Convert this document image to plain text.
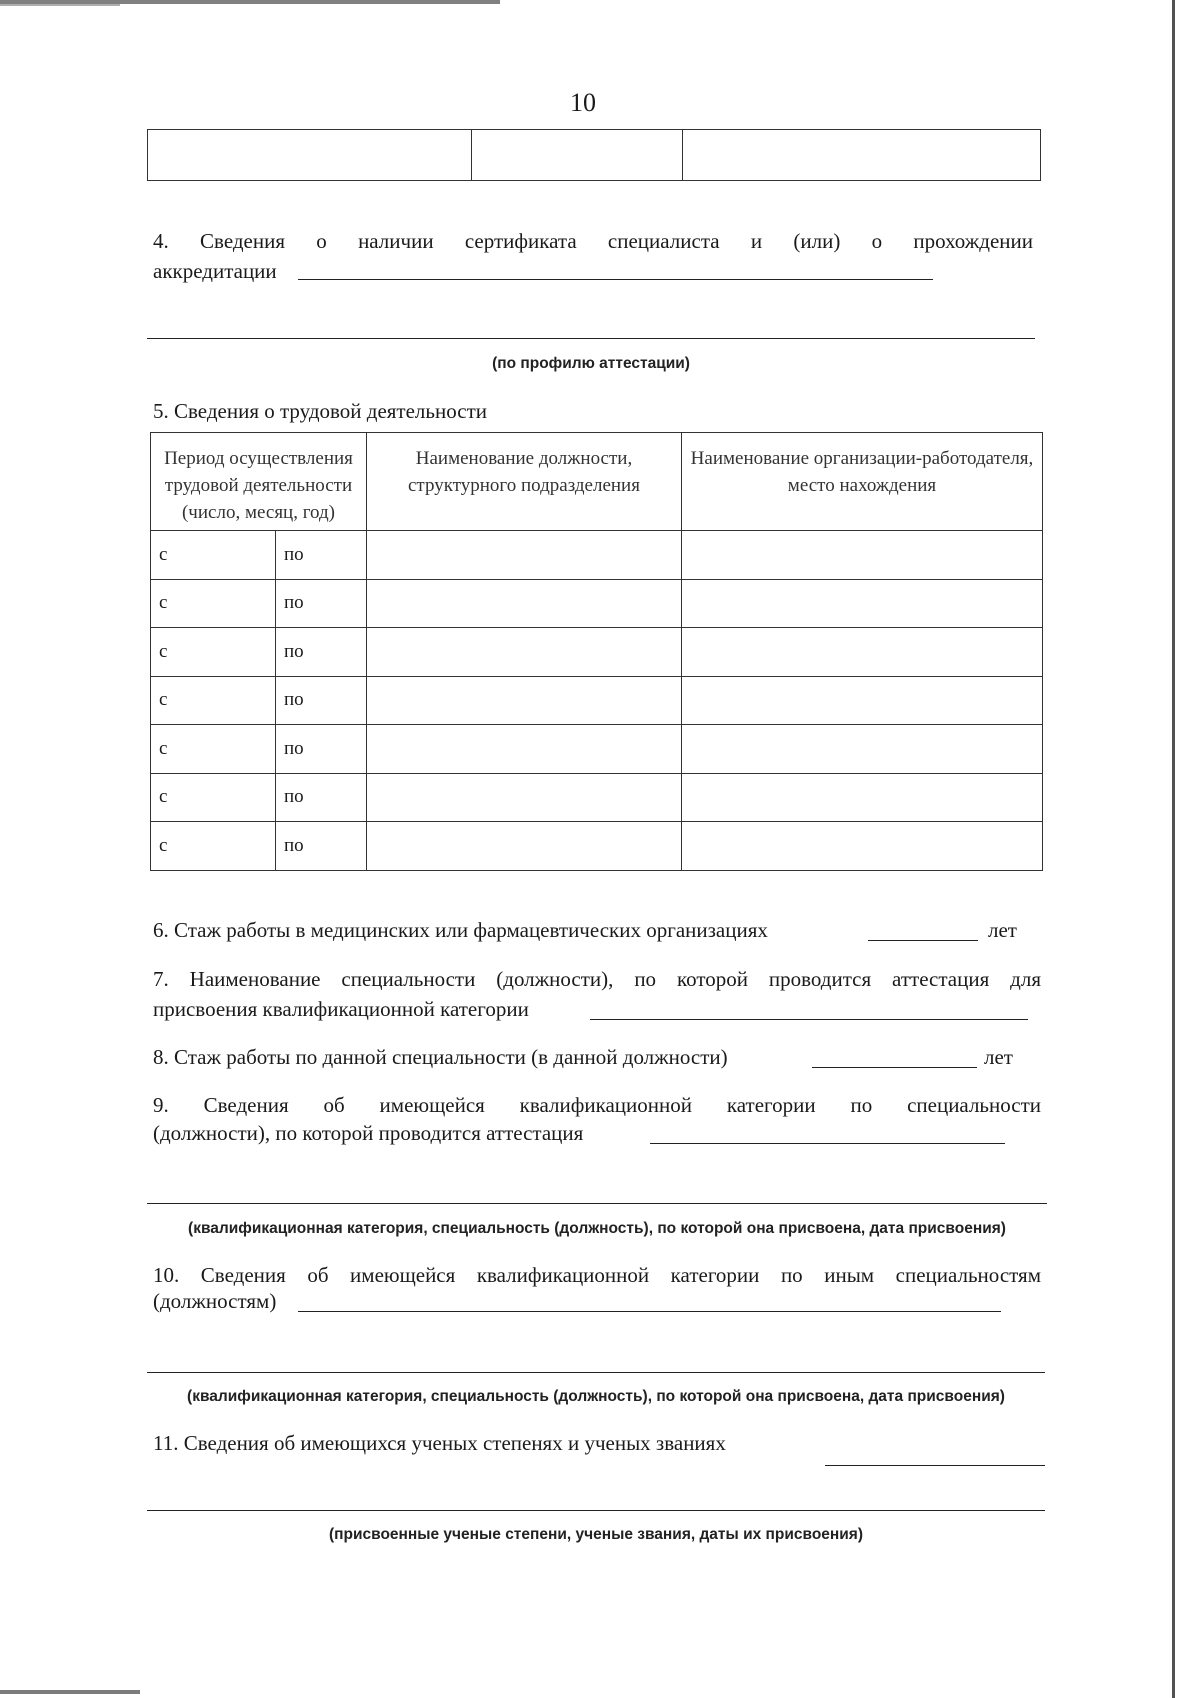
10

4. Сведения о наличии сертификата специалиста и (или) о прохождении
аккредитации
(по профилю аттестации)
5. Сведения о трудовой деятельности
Период осуществления трудовой деятельности (число, месяц, год)		Наименование должности, структурного подразделения	Наименование организации-работодателя, место нахождения
с	по		
с	по		
с	по		
с	по		
с	по		
с	по		
с	по		
6. Стаж работы в медицинских или фармацевтических организациях	лет
7. Наименование специальности (должности), по которой проводится аттестация для
присвоения квалификационной категории
8. Стаж работы по данной специальности (в данной должности)	лет
9. Сведения об имеющейся квалификационной категории по специальности
(должности), по которой проводится аттестация
(квалификационная категория, специальность (должность), по которой она присвоена, дата присвоения)
10. Сведения об имеющейся квалификационной категории по иным специальностям
(должностям)
(квалификационная категория, специальность (должность), по которой она присвоена, дата присвоения)
11. Сведения об имеющихся ученых степенях и ученых званиях
(присвоенные ученые степени, ученые звания, даты их присвоения)
